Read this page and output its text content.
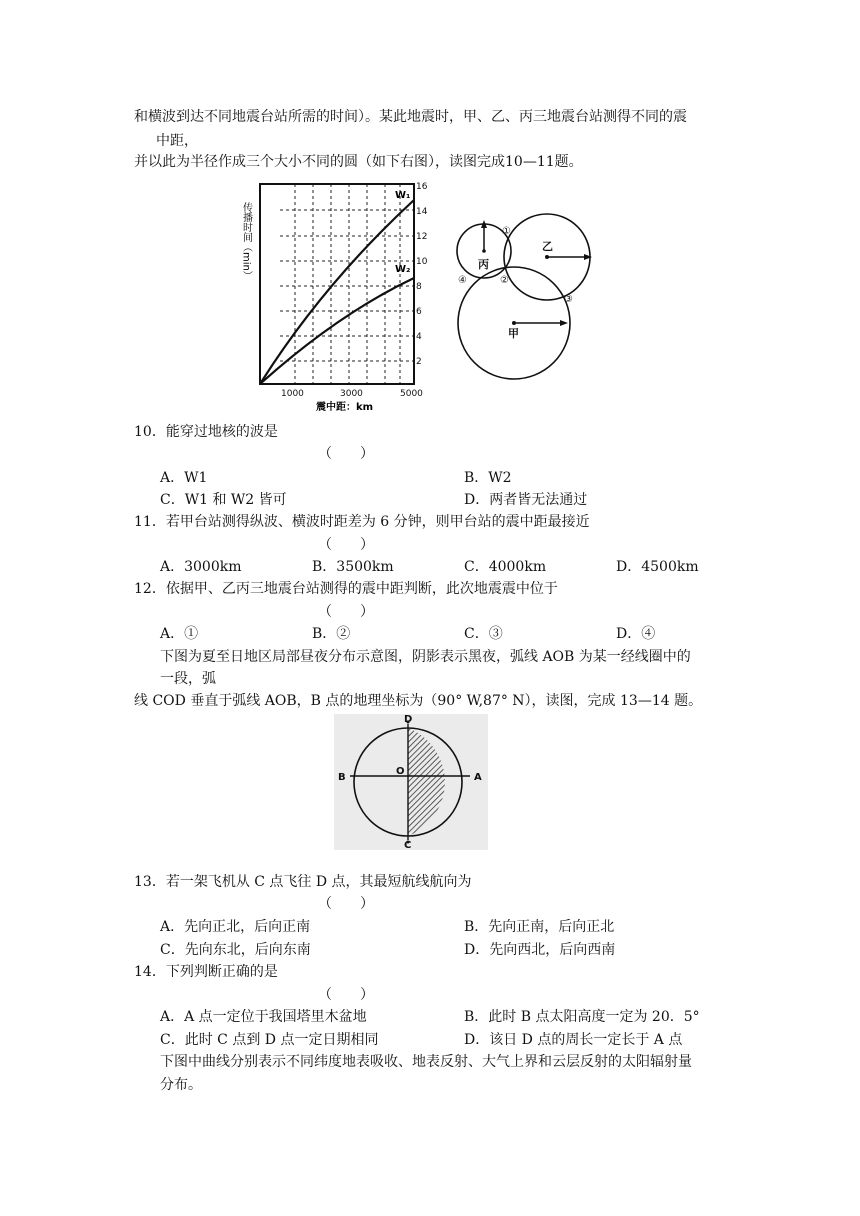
和横波到达不同地震台站所需的时间）。某此地震时，甲、乙、丙三地震台站测得不同的震
中距，
并以此为半径作成三个大小不同的圆（如下右图），读图完成10—11题。
传播时间（min）
2
4
6
8
10
12
14
16
1000	3000	5000
震中距：km
W₁
W₂	丙
乙
甲
①
②
③
④
10．能穿过地核的波是
（　　）
A．W1	B．W2
C．W1 和 W2 皆可	D．两者皆无法通过
11．若甲台站测得纵波、横波时距差为 6 分钟，则甲台站的震中距最接近
（　　）
A．3000km	B．3500km	C．4000km	D．4500km
12．依据甲、乙丙三地震台站测得的震中距判断，此次地震震中位于
（　　）
A．①	B．②	C．③	D．④
下图为夏至日地区局部昼夜分布示意图，阴影表示黑夜，弧线 AOB 为某一经线圈中的
一段，弧
线 COD 垂直于弧线 AOB，B 点的地理坐标为（90° W,87° N），读图，完成 13—14 题。
D
B
O
A
C
13．若一架飞机从 C 点飞往 D 点，其最短航线航向为
（　　）
A．先向正北，后向正南	B．先向正南，后向正北
C．先向东北，后向东南	D．先向西北，后向西南
14．下列判断正确的是
（　　）
A．A 点一定位于我国塔里木盆地	B．此时 B 点太阳高度一定为 20．5°
C．此时 C 点到 D 点一定日期相同	D．该日 D 点的周长一定长于 A 点
下图中曲线分别表示不同纬度地表吸收、地表反射、大气上界和云层反射的太阳辐射量
分布。
